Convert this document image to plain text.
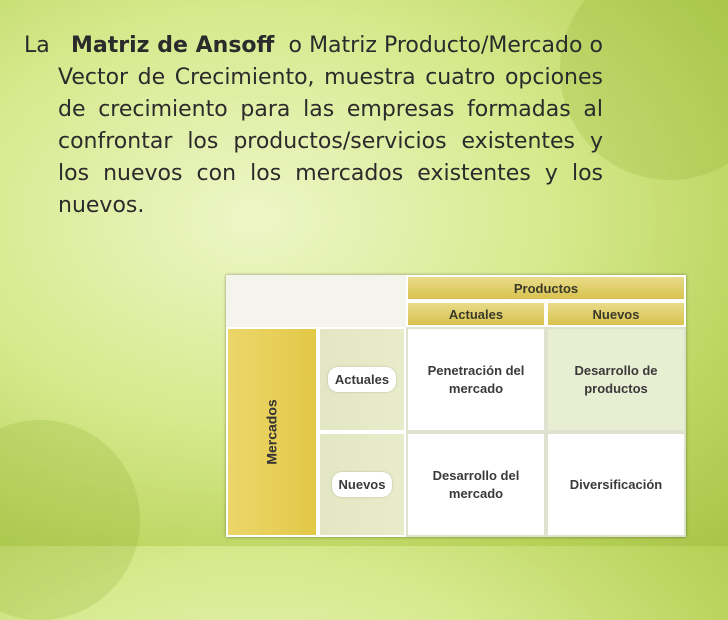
La Matriz de Ansoff o Matriz Producto/Mercado o Vector de Crecimiento, muestra cuatro opciones de crecimiento para las empresas formadas al confrontar los productos/servicios existentes y los nuevos con los mercados existentes y los nuevos.

Productos
Actuales	Nuevos
Mercados
Actuales
Nuevos
Penetración del mercado
Desarrollo de productos
Desarrollo del mercado
Diversificación
